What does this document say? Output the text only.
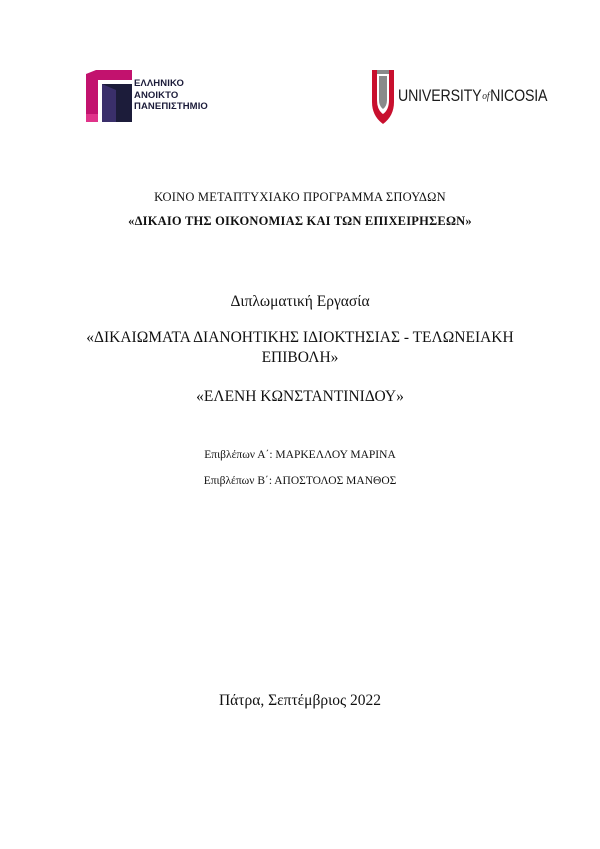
ΕΛΛΗΝΙΚΟ
ΑΝΟΙΚΤΟ
ΠΑΝΕΠΙΣΤΗΜΙΟ
UNIVERSITYofNICOSIA
ΚΟΙΝΟ ΜΕΤΑΠΤΥΧΙΑΚΟ ΠΡΟΓΡΑΜΜΑ ΣΠΟΥΔΩΝ
«ΔΙΚΑΙΟ ΤΗΣ ΟΙΚΟΝΟΜΙΑΣ ΚΑΙ ΤΩΝ ΕΠΙΧΕΙΡΗΣΕΩΝ»
Διπλωματική Εργασία
«ΔΙΚΑΙΩΜΑΤΑ ΔΙΑΝΟΗΤΙΚΗΣ ΙΔΙΟΚΤΗΣΙΑΣ - ΤΕΛΩΝΕΙΑΚΗ ΕΠΙΒΟΛΗ»
«ΕΛΕΝΗ ΚΩΝΣΤΑΝΤΙΝΙΔΟΥ»
Επιβλέπων Α΄: ΜΑΡΚΕΛΛΟΥ ΜΑΡΙΝΑ
Επιβλέπων Β΄: ΑΠΟΣΤΟΛΟΣ ΜΑΝΘΟΣ
Πάτρα, Σεπτέμβριος 2022
